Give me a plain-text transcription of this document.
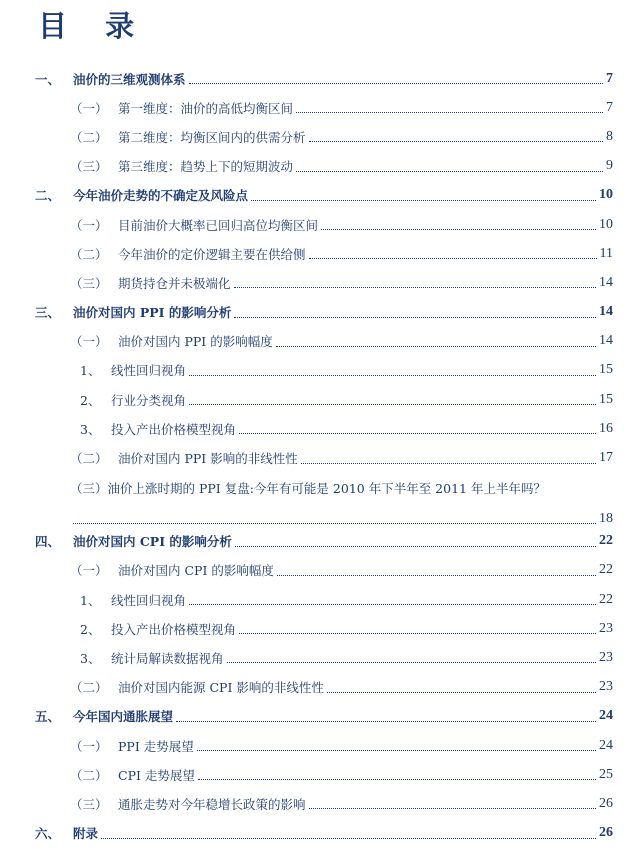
目 录
一、	油价的三维观测体系	7
（一） 第一维度：油价的高低均衡区间	7
（二） 第二维度：均衡区间内的供需分析	8
（三） 第三维度：趋势上下的短期波动	9
二、	今年油价走势的不确定及风险点	10
（一） 目前油价大概率已回归高位均衡区间	10
（二） 今年油价的定价逻辑主要在供给侧	11
（三） 期货持仓并未极端化	14
三、	油价对国内 PPI 的影响分析	14
（一） 油价对国内 PPI 的影响幅度	14
1、 线性回归视角	15
2、 行业分类视角	15
3、 投入产出价格模型视角	16
（二） 油价对国内 PPI 影响的非线性性	17
（三） 油价上涨时期的 PPI 复盘:今年有可能是 2010 年下半年至 2011 年上半年吗？
18
四、	油价对国内 CPI 的影响分析	22
（一） 油价对国内 CPI 的影响幅度	22
1、 线性回归视角	22
2、 投入产出价格模型视角	23
3、 统计局解读数据视角	23
（二） 油价对国内能源 CPI 影响的非线性性	23
五、	今年国内通胀展望	24
（一） PPI 走势展望	24
（二） CPI 走势展望	25
（三） 通胀走势对今年稳增长政策的影响	26
六、	附录	26
